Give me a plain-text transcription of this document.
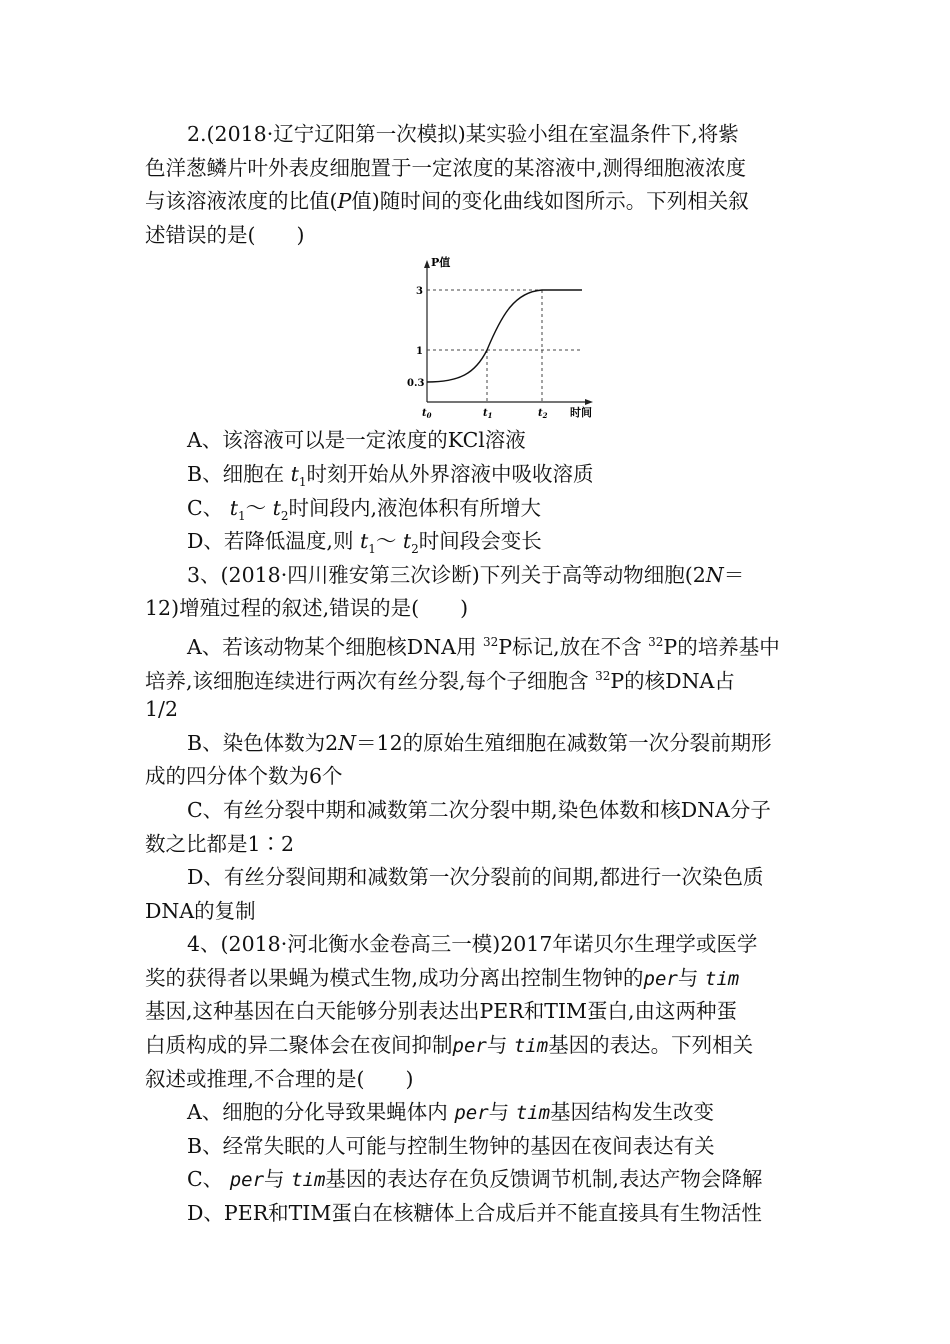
2.(2018·辽宁辽阳第一次模拟)某实验小组在室温条件下,将紫
色洋葱鳞片叶外表皮细胞置于一定浓度的某溶液中,测得细胞液浓度
与该溶液浓度的比值(P值)随时间的变化曲线如图所示。下列相关叙
述错误的是(　　)
P值
时间
3
1
0.3
$t_0$	$t_1$	$t_2$
A、该溶液可以是一定浓度的KCl溶液
B、细胞在 $t_1$时刻开始从外界溶液中吸收溶质
C、 $t_1\sim$ $t_2$时间段内,液泡体积有所增大
D、若降低温度,则 $t_1\sim$ $t_2$时间段会变长
3、(2018·四川雅安第三次诊断)下列关于高等动物细胞(2N＝
12)增殖过程的叙述,错误的是(　　)
A、若该动物某个细胞核DNA用 $^{32}$P标记,放在不含 $^{32}$P的培养基中
培养,该细胞连续进行两次有丝分裂,每个子细胞含 $^{32}$P的核DNA占
1/2
B、染色体数为2N＝12的原始生殖细胞在减数第一次分裂前期形
成的四分体个数为6个
C、有丝分裂中期和减数第二次分裂中期,染色体数和核DNA分子
数之比都是1∶2
D、有丝分裂间期和减数第一次分裂前的间期,都进行一次染色质
DNA的复制
4、(2018·河北衡水金卷高三一模)2017年诺贝尔生理学或医学
奖的获得者以果蝇为模式生物,成功分离出控制生物钟的per与 tim
基因,这种基因在白天能够分别表达出PER和TIM蛋白,由这两种蛋
白质构成的异二聚体会在夜间抑制per与 tim基因的表达。下列相关
叙述或推理,不合理的是(　　)
A、细胞的分化导致果蝇体内 per与 tim基因结构发生改变
B、经常失眠的人可能与控制生物钟的基因在夜间表达有关
C、 per与 tim基因的表达存在负反馈调节机制,表达产物会降解
D、PER和TIM蛋白在核糖体上合成后并不能直接具有生物活性
